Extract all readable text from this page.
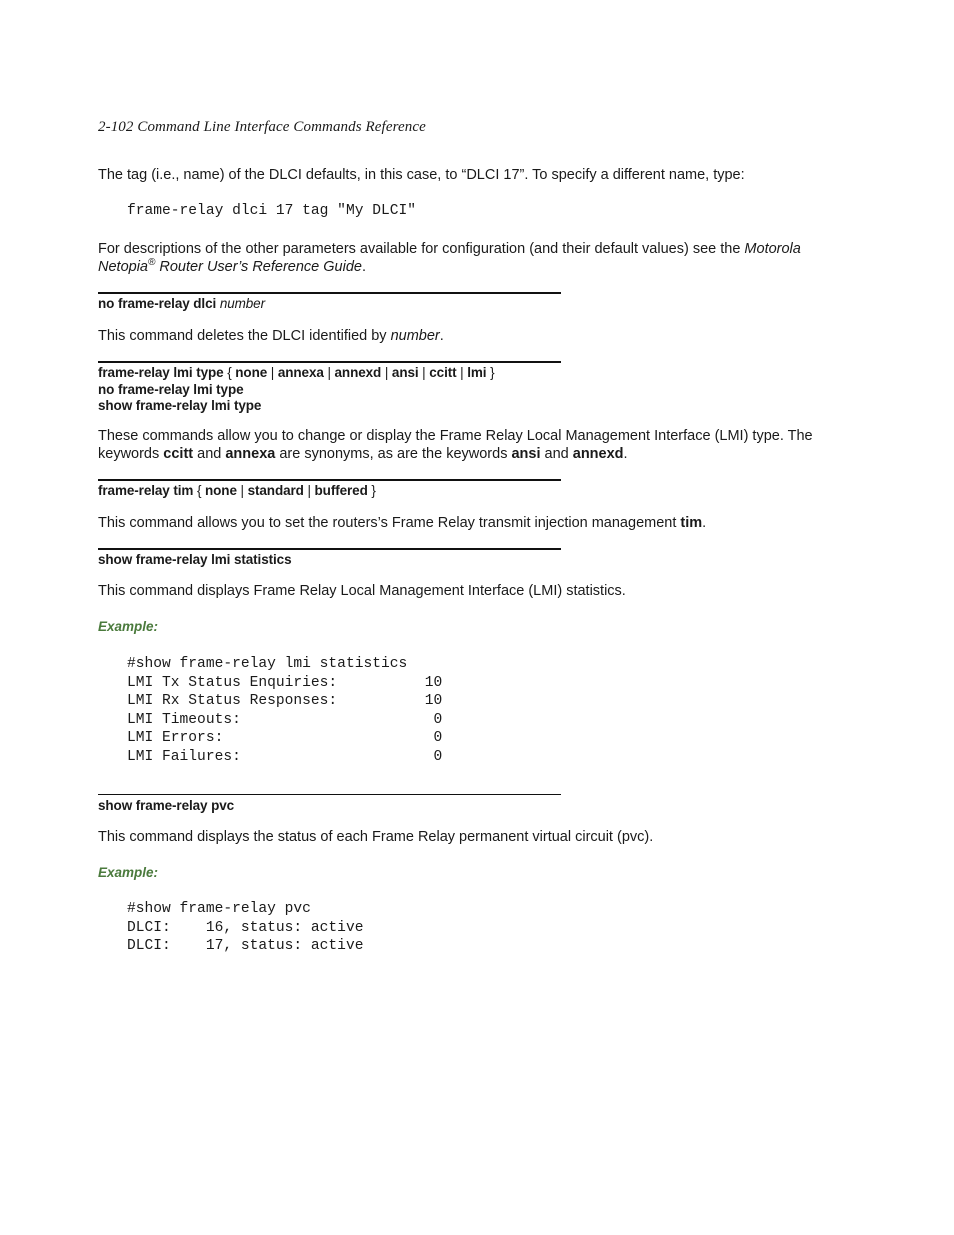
2-102 Command Line Interface Commands Reference
The tag (i.e., name) of the DLCI defaults, in this case, to “DLCI 17”. To specify a different name, type:
frame-relay dlci 17 tag "My DLCI"
For descriptions of the other parameters available for configuration (and their default values) see the Motorola
Netopia® Router User’s Reference Guide.
no frame-relay dlci number
This command deletes the DLCI identified by number.
frame-relay lmi type { none | annexa | annexd | ansi | ccitt | lmi }
no frame-relay lmi type
show frame-relay lmi type
These commands allow you to change or display the Frame Relay Local Management Interface (LMI) type. The
keywords ccitt and annexa are synonyms, as are the keywords ansi and annexd.
frame-relay tim { none | standard | buffered }
This command allows you to set the routers’s Frame Relay transmit injection management tim.
show frame-relay lmi statistics
This command displays Frame Relay Local Management Interface (LMI) statistics.
Example:
#show frame-relay lmi statistics
LMI Tx Status Enquiries:          10
LMI Rx Status Responses:          10
LMI Timeouts:                      0
LMI Errors:                        0
LMI Failures:                      0
show frame-relay pvc
This command displays the status of each Frame Relay permanent virtual circuit (pvc).
Example:
#show frame-relay pvc
DLCI:    16, status: active
DLCI:    17, status: active
